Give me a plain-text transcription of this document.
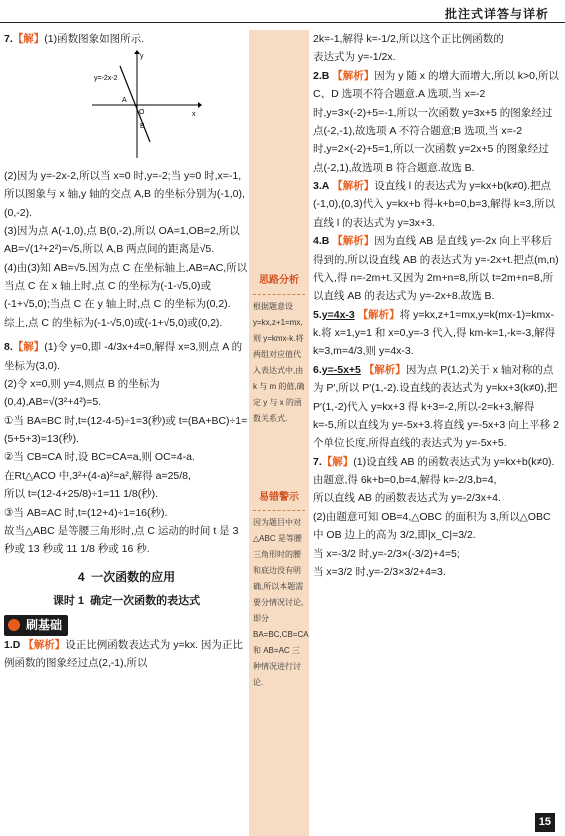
批注式详答与详析

7.【解】(1)函数图象如图所示.

y=-2x-2
y
x
A
B
O

(2)因为 y=-2x-2,所以当 x=0 时,y=-2;当 y=0 时,x=-1,所以图象与 x 轴,y 轴的交点 A,B 的坐标分别为(-1,0),(0,-2).

(3)因为点 A(-1,0),点 B(0,-2),所以 OA=1,OB=2,所以 AB=√(1²+2²)=√5,所以 A,B 两点间的距离是√5.

(4)由(3)知 AB=√5.因为点 C 在坐标轴上,AB=AC,所以当点 C 在 x 轴上时,点 C 的坐标为(-1-√5,0)或(-1+√5,0);当点 C 在 y 轴上时,点 C 的坐标为(0,2).

综上,点 C 的坐标为(-1-√5,0)或(-1+√5,0)或(0,2).

8.【解】(1)令 y=0,即 -4/3x+4=0,解得 x=3,则点 A 的坐标为(3,0).

(2)令 x=0,则 y=4,则点 B 的坐标为(0,4),AB=√(3²+4²)=5.

①当 BA=BC 时,t=(12-4-5)÷1=3(秒)或 t=(BA+BC)÷1=(5+5+3)=13(秒).

②当 CB=CA 时,设 BC=CA=a,则 OC=4-a.

在Rt△ACO 中,3²+(4-a)²=a²,解得 a=25/8,

所以 t=(12-4+25/8)÷1=11 1/8(秒).

③当 AB=AC 时,t=(12+4)÷1=16(秒).

故当△ABC 是等腰三角形时,点 C 运动的时间 t 是 3 秒或 13 秒或 11 1/8 秒或 16 秒.

4 一次函数的应用
课时 1 确定一次函数的表达式
刷基础

1.D 【解析】设正比例函数表达式为 y=kx. 因为正比例函数的图象经过点(2,-1),所以

思路分析
根据题意设 y=kx,z+1=mx,则 y=kmx-k.将两组对应值代入表达式中,由 k 与 m 的值,确定 y 与 x 的函数关系式.
易错警示
因为题目中对△ABC 是等腰三角形时的腰和底边没有明确,所以本题需要分情况讨论,即分 BA=BC,CB=CA 和 AB=AC 三种情况进行讨论.

2k=-1,解得 k=-1/2,所以这个正比例函数的

表达式为 y=-1/2x.

2.B 【解析】因为 y 随 x 的增大而增大,所以 k>0,所以 C、D 选项不符合题意.A 选项,当 x=-2 时,y=3×(-2)+5=-1,所以一次函数 y=3x+5 的图象经过点(-2,-1),故选项 A 不符合题意;B 选项,当 x=-2 时,y=2×(-2)+5=1,所以一次函数 y=2x+5 的图象经过点(-2,1),故选项 B 符合题意.故选 B.

3.A 【解析】设直线 l 的表达式为 y=kx+b(k≠0).把点(-1,0),(0,3)代入 y=kx+b 得-k+b=0,b=3,解得 k=3,所以直线 l 的表达式为 y=3x+3.

4.B 【解析】因为直线 AB 是直线 y=-2x 向上平移后得到的,所以设直线 AB 的表达式为 y=-2x+t.把点(m,n)代入,得 n=-2m+t.又因为 2m+n=8,所以 t=2m+n=8,所以直线 AB 的表达式为 y=-2x+8.故选 B.

5.y=4x-3 【解析】将 y=kx,z+1=mx,y=k(mx-1)=kmx-k.将 x=1,y=1 和 x=0,y=-3 代入,得 km-k=1,-k=-3,解得 k=3,m=4/3,则 y=4x-3.

6.y=-5x+5 【解析】因为点 P(1,2)关于 x 轴对称的点为 P′,所以 P′(1,-2).设直线的表达式为 y=kx+3(k≠0),把 P′(1,-2)代入 y=kx+3 得 k+3=-2,所以-2=k+3,解得 k=-5,所以直线为 y=-5x+3.将直线 y=-5x+3 向上平移 2 个单位长度,所得直线的表达式为 y=-5x+5.

7.【解】(1)设直线 AB 的函数表达式为 y=kx+b(k≠0).

由题意,得 6k+b=0,b=4,解得 k=-2/3,b=4,

所以直线 AB 的函数表达式为 y=-2/3x+4.

(2)由题意可知 OB=4,△OBC 的面积为 3,所以△OBC 中 OB 边上的高为 3/2,即|x_C|=3/2.

当 x=-3/2 时,y=-2/3×(-3/2)+4=5;

当 x=3/2 时,y=-2/3×3/2+4=3.

15
